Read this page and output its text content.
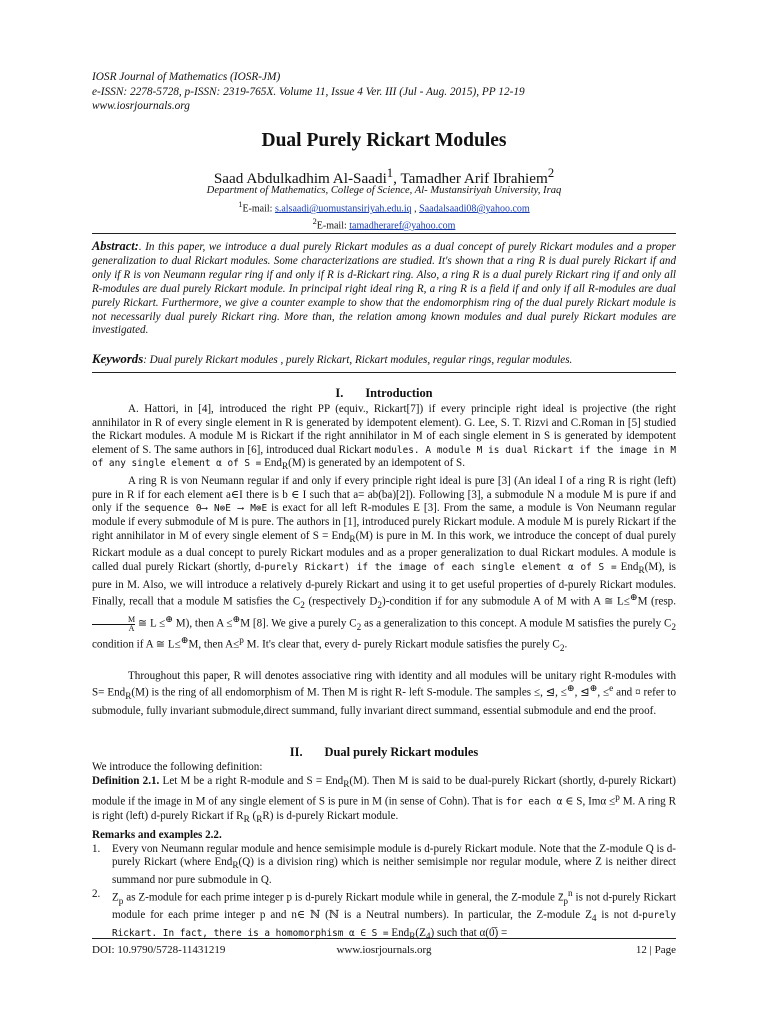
IOSR Journal of Mathematics (IOSR-JM)
e-ISSN: 2278-5728, p-ISSN: 2319-765X. Volume 11, Issue 4 Ver. III (Jul - Aug. 2015), PP 12-19
www.iosrjournals.org
Dual Purely Rickart Modules
Saad Abdulkadhim Al-Saadi$^1$, Tamadher Arif Ibrahiem$^2$
Department of Mathematics, College of Science, Al- Mustansiriyah University, Iraq
$^1$E-mail: s.alsaadi@uomustansiriyah.edu.iq , Saadalsaadi08@yahoo.com
$^2$E-mail: tamadheraref@yahoo.com
Abstract:. In this paper, we introduce a dual purely Rickart modules as a dual concept of purely Rickart modules and a proper generalization to dual Rickart modules. Some characterizations are studied. It's shown that a ring R is dual purely Rickart if and only if R is von Neumann regular ring if and only if R is d-Rickart ring. Also, a ring R is a dual purely Rickart ring if and only all R-modules are dual purely Rickart module. In principal right ideal ring R, a ring R is a field if and only if all R-modules are dual purely Rickart. Furthermore, we give a counter example to show that the endomorphism ring of the dual purely Rickart module is not necessarily dual purely Rickart ring. More than, the relation among known modules and dual purely Rickart modules are investigated.
Keywords: Dual purely Rickart modules , purely Rickart, Rickart modules, regular rings, regular modules.
I. Introduction

A. Hattori, in [4], introduced the right PP (equiv., Rickart[7]) if every principle right ideal is projective (the right annihilator in R of every single element in R is generated by idempotent element). G. Lee, S. T. Rizvi and C.Roman in [5] studied the Rickart modules. A module M is Rickart if the right annihilator in M of each single element in S is generated by idempotent element of S. The same authors in [6], introduced dual Rickart modules. A module M is dual Rickart if the image in M of any single element α of S = End$_R$(M) is generated by an idempotent of S.

A ring R is von Neumann regular if and only if every principle right ideal is pure [3] (An ideal I of a ring R is right (left) pure in R if for each element a∈I there is b ∈ I such that a= ab(ba)[2]). Following [3], a submodule N a module M is pure if and only if the sequence 0⟶ N⊗E ⟶ M⊗E is exact for all left R-modules E [3]. From the same, a module is Von Neumann regular module if every submodule of M is pure. The authors in [1], introduced purely Rickart module. A module M is purely Rickart if the right annihilator in M of every single element of S = End$_R$(M) is pure in M. In this work, we introduce the concept of dual purely Rickart module as a dual concept to purely Rickart modules and as a proper generalization to dual Rickart modules. A module is called dual purely Rickart (shortly, d-purely Rickart) if the image of each single element α of S = End$_R$(M), is pure in M. Also, we will introduce a relatively d-purely Rickart and using it to get useful properties of d-purely Rickart modules. Finally, recall that a module M satisfies the $C_2$ (respectively $D_2$)-condition if for any submodule A of M with A ≅ L≤⊕M (resp.
$\frac{M}{A}$ ≅ L ≤⊕ M), then A ≤⊕M [8]. We give a purely $C_2$ as a generalization to this concept. A module M satisfies the purely $C_2$ condition if A ≅ L≤⊕M, then A≤$^p$ M. It's clear that, every d- purely Rickart module satisfies the purely $C_2$.

Throughout this paper, R will denotes associative ring with identity and all modules will be unitary right R-modules with S= End$_R$(M) is the ring of all endomorphism of M. Then M is right R- left S-module. The samples ≤, ⊴, ≤⊕, ⊴⊕, ≤$^e$ and ¤ refer to submodule, fully invariant submodule,direct summand, fully invariant direct summand, essential submodule and end the proof.

II. Dual purely Rickart modules

We introduce the following definition:

Definition 2.1. Let M be a right R-module and S = End$_R$(M). Then M is said to be dual-purely Rickart (shortly, d-purely Rickart) module if the image in M of any single element of S is pure in M (in sense of Cohn). That is for each α ∈ S, Imα ≤$^p$ M. A ring R is right (left) d-purely Rickart if $R_R$ $(_RR)$ is d-purely Rickart module.

Remarks and examples 2.2.
1. Every von Neumann regular module and hence semisimple module is d-purely Rickart module. Note that the Z-module Q is d-purely Rickart (where End$_R$(Q) is a division ring) which is neither semisimple nor regular module, where Z is neither direct summand nor pure submodule in Q.
2. $Z_p$ as Z-module for each prime integer p is d-purely Rickart module while in general, the Z-module $Z_p^n$ is not d-purely Rickart module for each prime integer p and n∈ ℕ (ℕ is a Neutral numbers). In particular, the Z-module $Z_4$ is not d-purely Rickart. In fact, there is a homomorphism α ∈ $S = End_R(Z_4)$ such that α(0̅) =
DOI: 10.9790/5728-11431219	www.iosrjournals.org	12 | Page
